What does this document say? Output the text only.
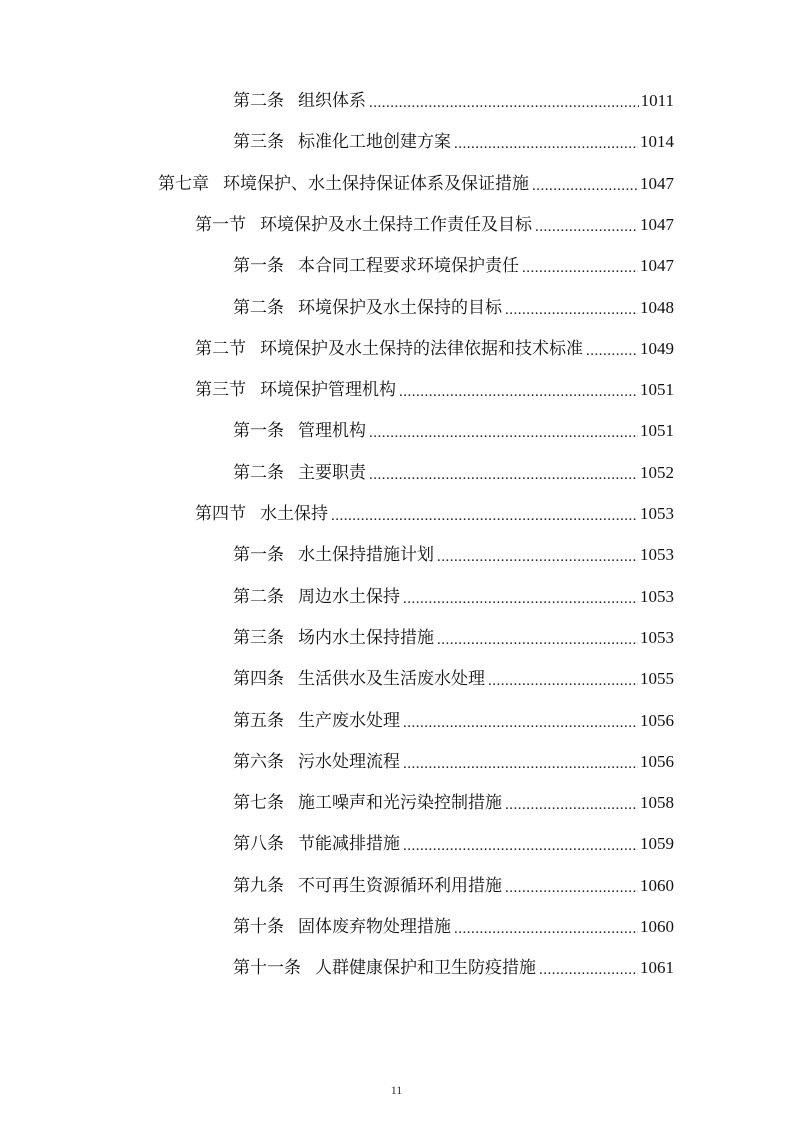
第二条 组织体系 .....	1011
第三条 标准化工地创建方案 .....	1014
第七章 环境保护、水土保持保证体系及保证措施 .....	1047
第一节 环境保护及水土保持工作责任及目标 .....	1047
第一条 本合同工程要求环境保护责任 .....	1047
第二条 环境保护及水土保持的目标 .....	1048
第二节 环境保护及水土保持的法律依据和技术标准 .....	1049
第三节 环境保护管理机构 .....	1051
第一条 管理机构 .....	1051
第二条 主要职责 .....	1052
第四节 水土保持 .....	1053
第一条 水土保持措施计划 .....	1053
第二条 周边水土保持 .....	1053
第三条 场内水土保持措施 .....	1053
第四条 生活供水及生活废水处理 .....	1055
第五条 生产废水处理 .....	1056
第六条 污水处理流程 .....	1056
第七条 施工噪声和光污染控制措施 .....	1058
第八条 节能减排措施 .....	1059
第九条 不可再生资源循环利用措施 .....	1060
第十条 固体废弃物处理措施 .....	1060
第十一条 人群健康保护和卫生防疫措施 .....	1061
11
